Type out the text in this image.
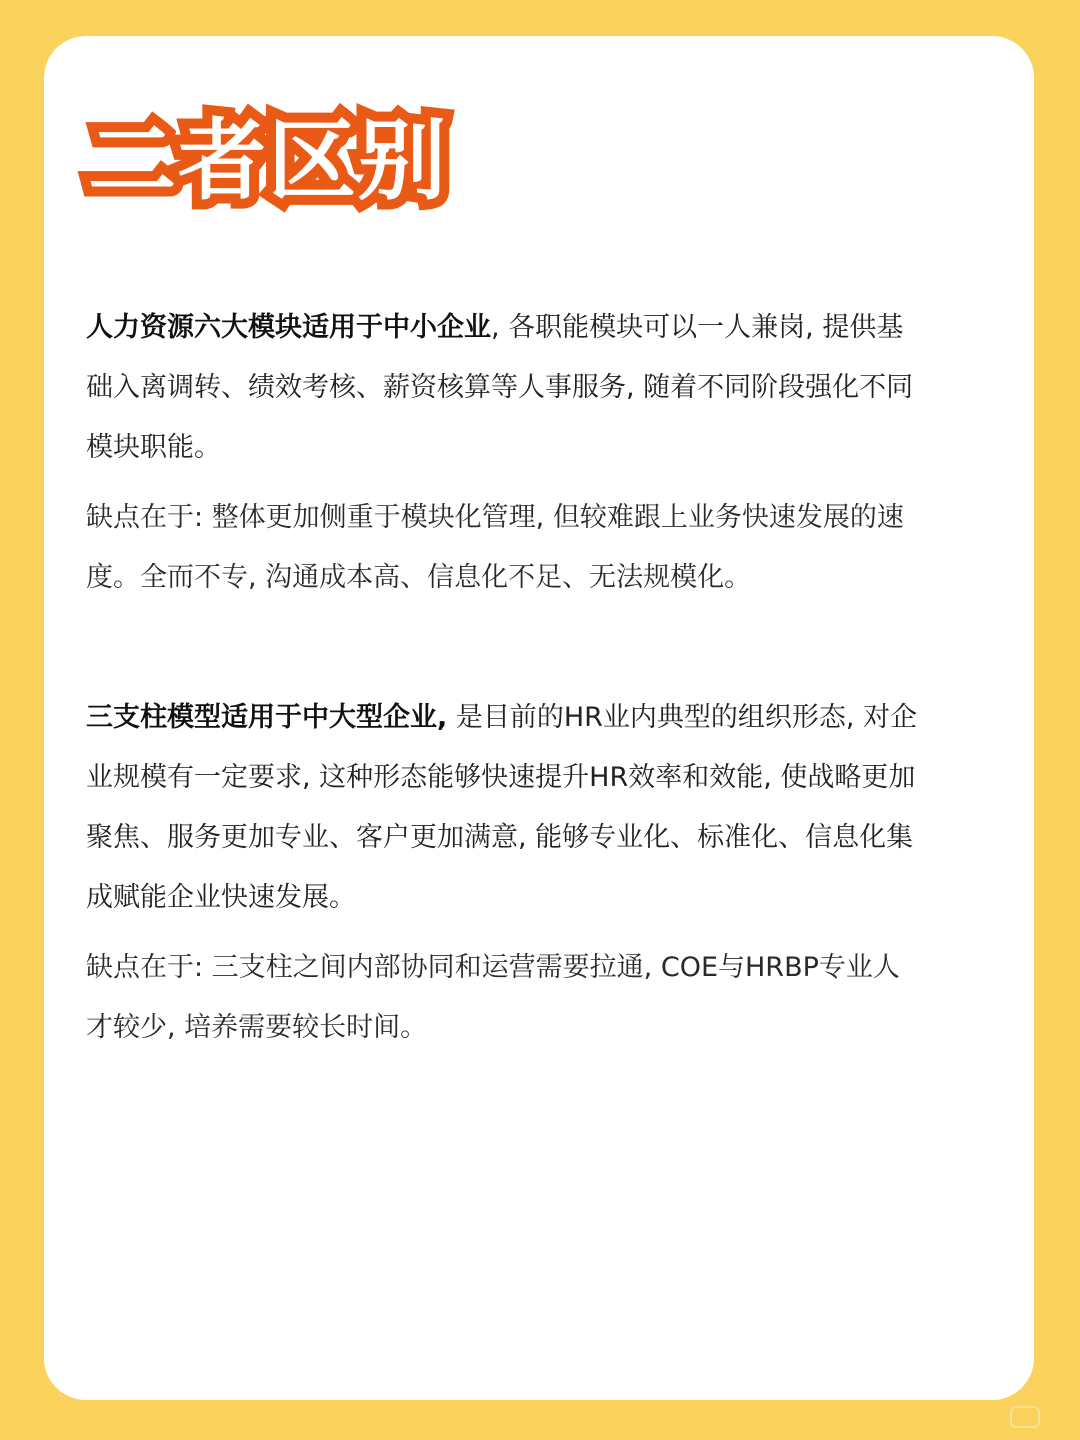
二者区别

人力资源六大模块适用于中小企业, 各职能模块可以一人兼岗, 提供基础入离调转、绩效考核、薪资核算等人事服务, 随着不同阶段强化不同模块职能。

缺点在于: 整体更加侧重于模块化管理, 但较难跟上业务快速发展的速度。全而不专, 沟通成本高、信息化不足、无法规模化。

三支柱模型适用于中大型企业, 是目前的HR业内典型的组织形态, 对企业规模有一定要求, 这种形态能够快速提升HR效率和效能, 使战略更加聚焦、服务更加专业、客户更加满意, 能够专业化、标准化、信息化集成赋能企业快速发展。

缺点在于: 三支柱之间内部协同和运营需要拉通, COE与HRBP专业人才较少, 培养需要较长时间。
